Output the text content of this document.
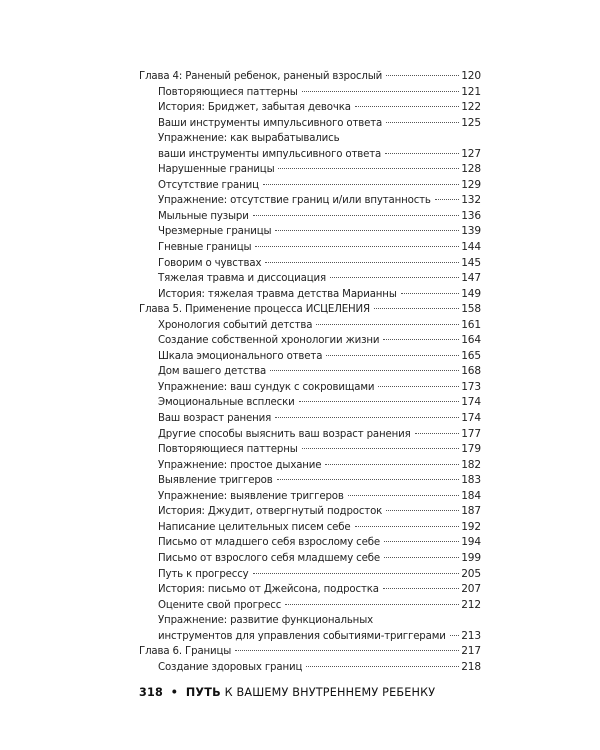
Глава 4: Раненый ребенок, раненый взрослый	120
Повторяющиеся паттерны	121
История: Бриджет, забытая девочка	122
Ваши инструменты импульсивного ответа	125
Упражнение: как вырабатывались
ваши инструменты импульсивного ответа	127
Нарушенные границы	128
Отсутствие границ	129
Упражнение: отсутствие границ и/или впутанность	132
Мыльные пузыри	136
Чрезмерные границы	139
Гневные границы	144
Говорим о чувствах	145
Тяжелая травма и диссоциация	147
История: тяжелая травма детства Марианны	149
Глава 5. Применение процесса ИСЦЕЛЕНИЯ	158
Хронология событий детства	161
Создание собственной хронологии жизни	164
Шкала эмоционального ответа	165
Дом вашего детства	168
Упражнение: ваш сундук с сокровищами	173
Эмоциональные всплески	174
Ваш возраст ранения	174
Другие способы выяснить ваш возраст ранения	177
Повторяющиеся паттерны	179
Упражнение: простое дыхание	182
Выявление триггеров	183
Упражнение: выявление триггеров	184
История: Джудит, отвергнутый подросток	187
Написание целительных писем себе	192
Письмо от младшего себя взрослому себе	194
Письмо от взрослого себя младшему себе	199
Путь к прогрессу	205
История: письмо от Джейсона, подростка	207
Оцените свой прогресс	212
Упражнение: развитие функциональных
инструментов для управления событиями-триггерами 213
Глава 6. Границы	217
Создание здоровых границ	218
318 • ПУТЬ К ВАШЕМУ ВНУТРЕННЕМУ РЕБЕНКУ
